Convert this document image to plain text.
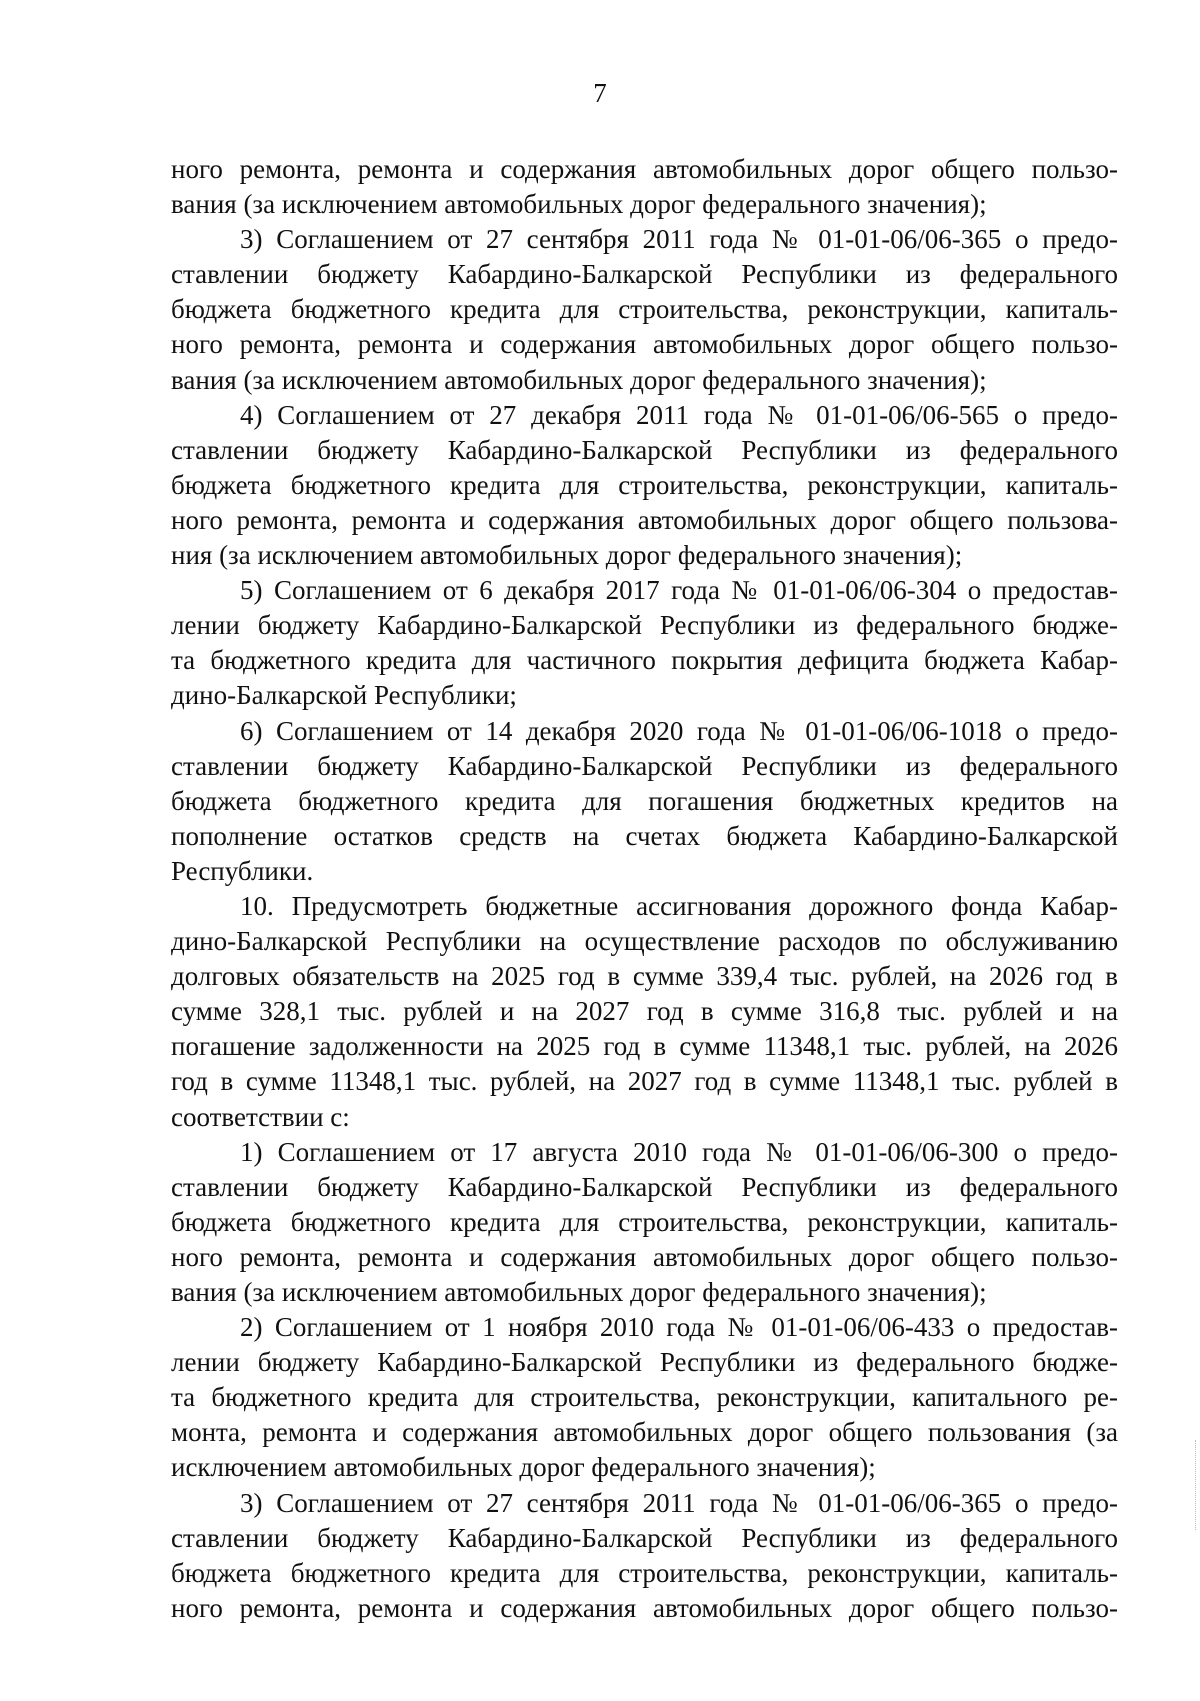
7
ного ремонта, ремонта и содержания автомобильных дорог общего пользо-
вания (за исключением автомобильных дорог федерального значения);
3) Соглашением от 27 сентября 2011 года № 01-01-06/06-365 о предо-
ставлении бюджету Кабардино-Балкарской Республики из федерального
бюджета бюджетного кредита для строительства, реконструкции, капиталь-
ного ремонта, ремонта и содержания автомобильных дорог общего пользо-
вания (за исключением автомобильных дорог федерального значения);
4) Соглашением от 27 декабря 2011 года № 01-01-06/06-565 о предо-
ставлении бюджету Кабардино-Балкарской Республики из федерального
бюджета бюджетного кредита для строительства, реконструкции, капиталь-
ного ремонта, ремонта и содержания автомобильных дорог общего пользова-
ния (за исключением автомобильных дорог федерального значения);
5) Соглашением от 6 декабря 2017 года № 01-01-06/06-304 о предостав-
лении бюджету Кабардино-Балкарской Республики из федерального бюдже-
та бюджетного кредита для частичного покрытия дефицита бюджета Кабар-
дино-Балкарской Республики;
6) Соглашением от 14 декабря 2020 года № 01-01-06/06-1018 о предо-
ставлении бюджету Кабардино-Балкарской Республики из федерального
бюджета бюджетного кредита для погашения бюджетных кредитов на
пополнение остатков средств на счетах бюджета Кабардино-Балкарской
Республики.
10. Предусмотреть бюджетные ассигнования дорожного фонда Кабар-
дино-Балкарской Республики на осуществление расходов по обслуживанию
долговых обязательств на 2025 год в сумме 339,4 тыс. рублей, на 2026 год в
сумме 328,1 тыс. рублей и на 2027 год в сумме 316,8 тыс. рублей и на
погашение задолженности на 2025 год в сумме 11348,1 тыс. рублей, на 2026
год в сумме 11348,1 тыс. рублей, на 2027 год в сумме 11348,1 тыс. рублей в
соответствии с:
1) Соглашением от 17 августа 2010 года № 01-01-06/06-300 о предо-
ставлении бюджету Кабардино-Балкарской Республики из федерального
бюджета бюджетного кредита для строительства, реконструкции, капиталь-
ного ремонта, ремонта и содержания автомобильных дорог общего пользо-
вания (за исключением автомобильных дорог федерального значения);
2) Соглашением от 1 ноября 2010 года № 01-01-06/06-433 о предостав-
лении бюджету Кабардино-Балкарской Республики из федерального бюдже-
та бюджетного кредита для строительства, реконструкции, капитального ре-
монта, ремонта и содержания автомобильных дорог общего пользования (за
исключением автомобильных дорог федерального значения);
3) Соглашением от 27 сентября 2011 года № 01-01-06/06-365 о предо-
ставлении бюджету Кабардино-Балкарской Республики из федерального
бюджета бюджетного кредита для строительства, реконструкции, капиталь-
ного ремонта, ремонта и содержания автомобильных дорог общего пользо-
